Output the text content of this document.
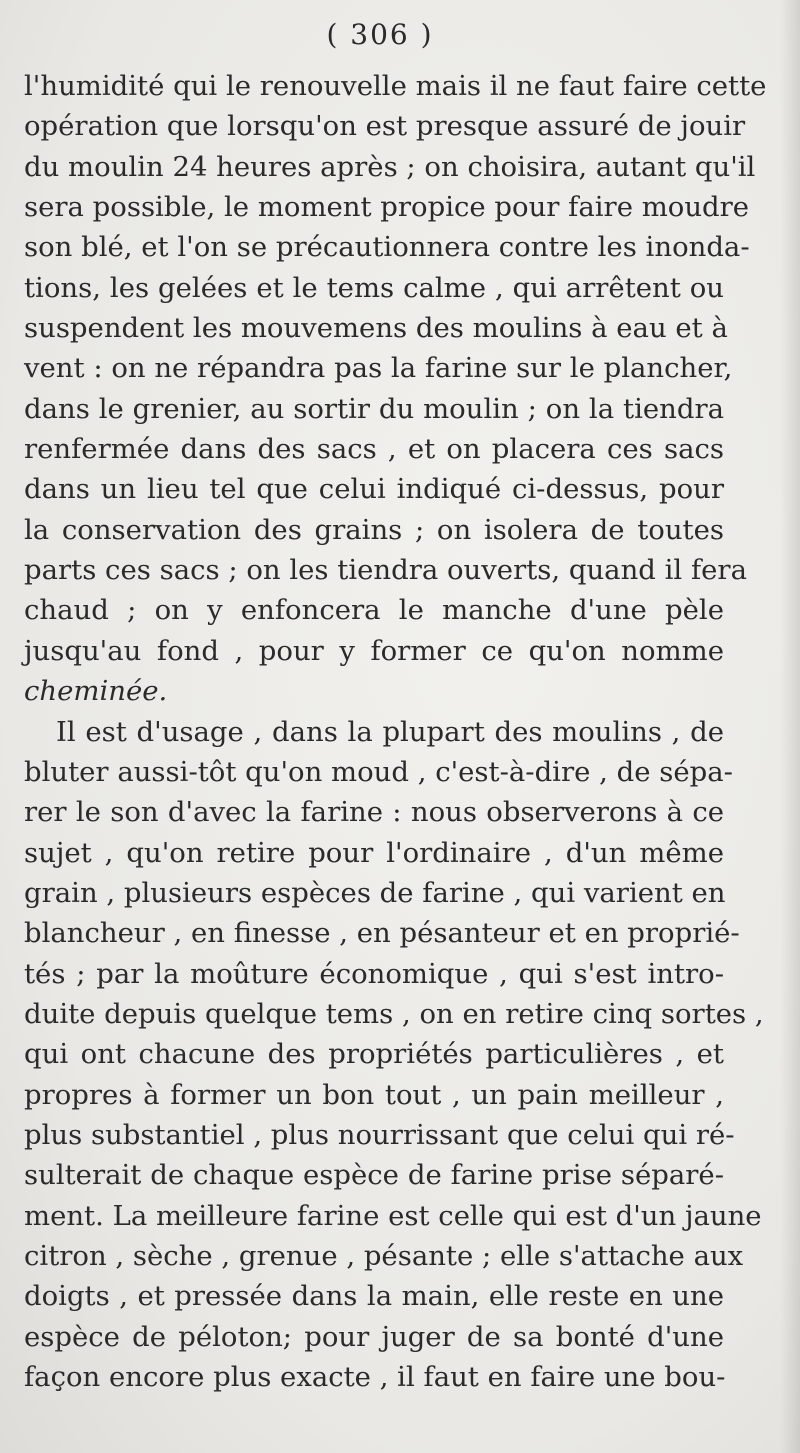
( 306 )
l'humidité qui le renouvelle mais il ne faut faire cette
opération que lorsqu'on est presque assuré de jouir
du moulin 24 heures après ; on choisira, autant qu'il
sera possible, le moment propice pour faire moudre
son blé, et l'on se précautionnera contre les inonda-
tions, les gelées et le tems calme , qui arrêtent ou
suspendent les mouvemens des moulins à eau et à
vent : on ne répandra pas la farine sur le plancher,
dans le grenier, au sortir du moulin ; on la tiendra
renfermée dans des sacs , et on placera ces sacs
dans un lieu tel que celui indiqué ci-dessus, pour
la conservation des grains ; on isolera de toutes
parts ces sacs ; on les tiendra ouverts, quand il fera
chaud ; on y enfoncera le manche d'une pèle
jusqu'au fond , pour y former ce qu'on nomme
cheminée.
Il est d'usage , dans la plupart des moulins , de
bluter aussi-tôt qu'on moud , c'est-à-dire , de sépa-
rer le son d'avec la farine : nous observerons à ce
sujet , qu'on retire pour l'ordinaire , d'un même
grain , plusieurs espèces de farine , qui varient en
blancheur , en finesse , en pésanteur et en proprié-
tés ; par la moûture économique , qui s'est intro-
duite depuis quelque tems , on en retire cinq sortes ,
qui ont chacune des propriétés particulières , et
propres à former un bon tout , un pain meilleur ,
plus substantiel , plus nourrissant que celui qui ré-
sulterait de chaque espèce de farine prise séparé-
ment. La meilleure farine est celle qui est d'un jaune
citron , sèche , grenue , pésante ; elle s'attache aux
doigts , et pressée dans la main, elle reste en une
espèce de péloton; pour juger de sa bonté d'une
façon encore plus exacte , il faut en faire une bou-
